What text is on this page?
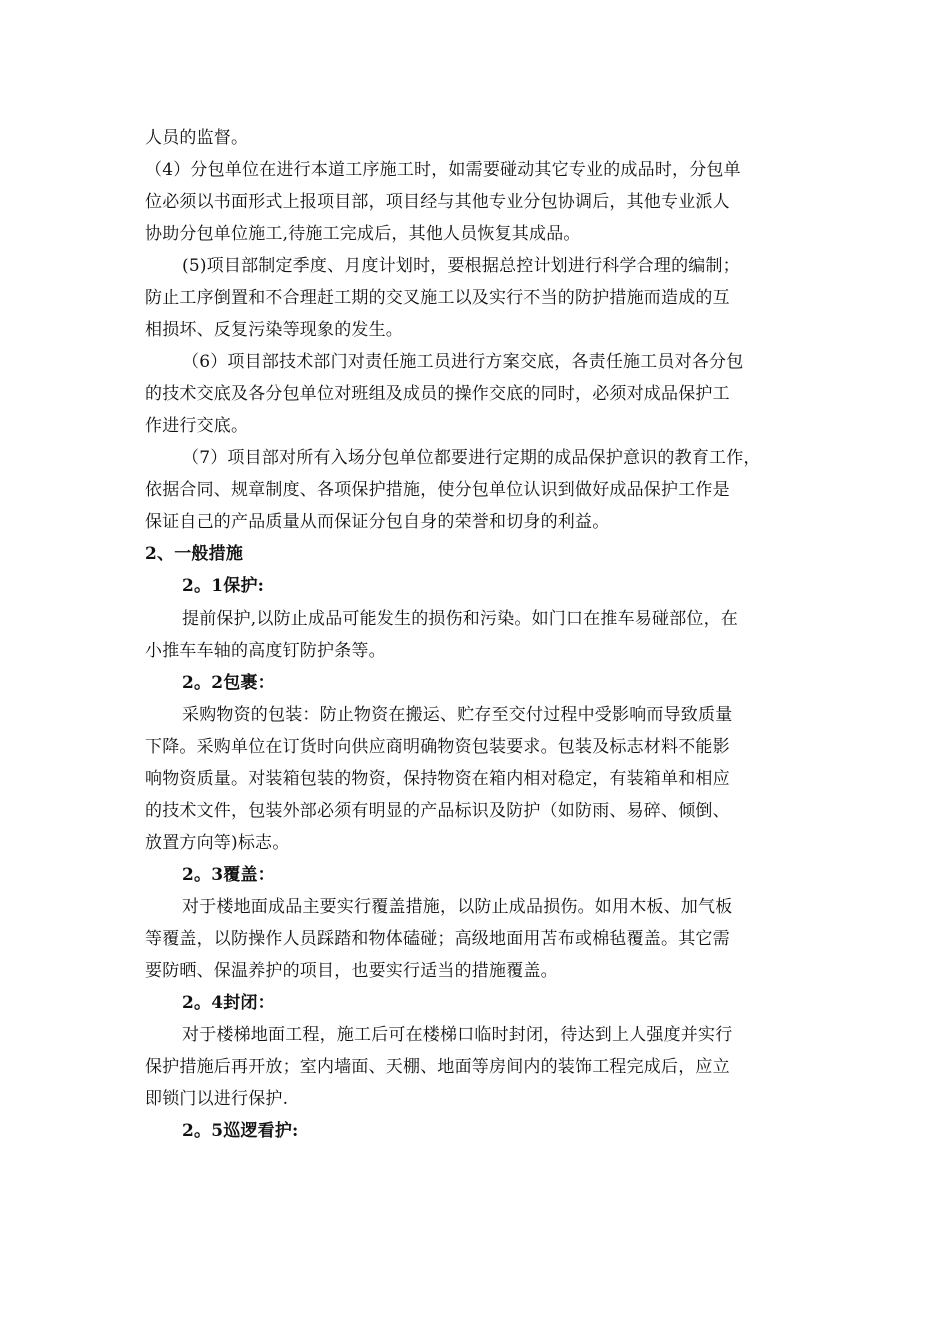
人员的监督。
（4）分包单位在进行本道工序施工时，如需要碰动其它专业的成品时，分包单
位必须以书面形式上报项目部，项目经与其他专业分包协调后，其他专业派人
协助分包单位施工,待施工完成后，其他人员恢复其成品。
(5)项目部制定季度、月度计划时，要根据总控计划进行科学合理的编制；
防止工序倒置和不合理赶工期的交叉施工以及实行不当的防护措施而造成的互
相损坏、反复污染等现象的发生。
（6）项目部技术部门对责任施工员进行方案交底，各责任施工员对各分包
的技术交底及各分包单位对班组及成员的操作交底的同时，必须对成品保护工
作进行交底。
（7）项目部对所有入场分包单位都要进行定期的成品保护意识的教育工作，
依据合同、规章制度、各项保护措施，使分包单位认识到做好成品保护工作是
保证自己的产品质量从而保证分包自身的荣誉和切身的利益。
2、一般措施
2。1保护:
提前保护,以防止成品可能发生的损伤和污染。如门口在推车易碰部位，在
小推车车轴的高度钉防护条等。
2。2包裹：
采购物资的包装：防止物资在搬运、贮存至交付过程中受影响而导致质量
下降。采购单位在订货时向供应商明确物资包装要求。包装及标志材料不能影
响物资质量。对装箱包装的物资，保持物资在箱内相对稳定，有装箱单和相应
的技术文件，包装外部必须有明显的产品标识及防护（如防雨、易碎、倾倒、
放置方向等)标志。
2。3覆盖：
对于楼地面成品主要实行覆盖措施，以防止成品损伤。如用木板、加气板
等覆盖，以防操作人员踩踏和物体磕碰；高级地面用苫布或棉毡覆盖。其它需
要防晒、保温养护的项目，也要实行适当的措施覆盖。
2。4封闭：
对于楼梯地面工程，施工后可在楼梯口临时封闭，待达到上人强度并实行
保护措施后再开放；室内墙面、天棚、地面等房间内的装饰工程完成后，应立
即锁门以进行保护.
2。5巡逻看护:
